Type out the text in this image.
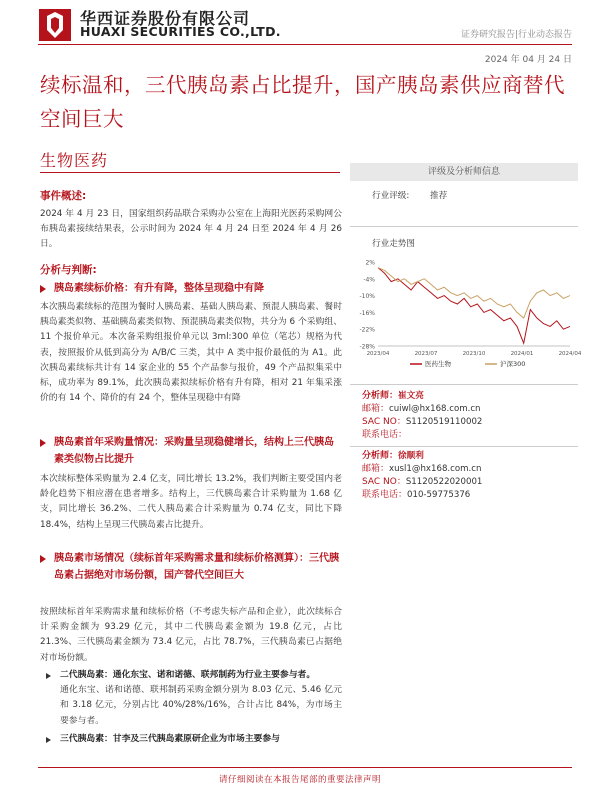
华西证券股份有限公司
HUAXI SECURITIES CO.,LTD.	证券研究报告|行业动态报告
2024 年 04 月 24 日
续标温和，三代胰岛素占比提升，国产胰岛素供应商替代空间巨大
生物医药
事件概述:
2024 年 4 月 23 日，国家组织药品联合采购办公室在上海阳光医药采购网公布胰岛素接续结果表，公示时间为 2024 年 4 月 24 日至 2024 年 4 月 26 日。
分析与判断:
胰岛素续标价格：有升有降，整体呈现稳中有降
本次胰岛素续标的范围为餐时人胰岛素、基础人胰岛素、预混人胰岛素、餐时胰岛素类似物、基础胰岛素类似物、预混胰岛素类似物，共分为 6 个采购组、11 个报价单元。本次备采购组报价单元以 3ml:300 单位（笔芯）规格为代表，按照报价从低到高分为 A/B/C 三类，其中 A 类中报价最低的为 A1。此次胰岛素续标共计有 14 家企业的 55 个产品参与报价，49 个产品拟集采中标，成功率为 89.1%，此次胰岛素拟续标价格有升有降，相对 21 年集采涨价的有 14 个、降价的有 24 个，整体呈现稳中有降
胰岛素首年采购量情况：采购量呈现稳健增长，结构上三代胰岛素类似物占比提升
本次续标整体采购量为 2.4 亿支，同比增长 13.2%，我们判断主要受国内老龄化趋势下相应潜在患者增多。结构上，三代胰岛素合计采购量为 1.68 亿支，同比增长 36.2%、二代人胰岛素合计采购量为 0.74 亿支，同比下降 18.4%，结构上呈现三代胰岛素占比提升。
胰岛素市场情况（续标首年采购需求量和续标价格测算）：三代胰岛素占据绝对市场份额，国产替代空间巨大
按照续标首年采购需求量和续标价格（不考虑失标产品和企业），此次续标合计采购金额为 93.29 亿元，其中二代胰岛素金额为 19.8 亿元，占比 21.3%、三代胰岛素金额为 73.4 亿元，占比 78.7%，三代胰岛素已占据绝对市场份额。
二代胰岛素：通化东宝、诺和诺德、联邦制药为行业主要参与者。
通化东宝、诺和诺德、联邦制药采购金额分别为 8.03 亿元、5.46 亿元和 3.18 亿元，分别占比 40%/28%/16%，合计占比 84%，为市场主要参与者。
三代胰岛素：甘李及三代胰岛素原研企业为市场主要参与
评级及分析师信息
行业评级:	推荐
行业走势图
2%
-4%
-10%
-16%
-22%
-28%
2023/04	2023/07	2023/10	2024/01	2024/04
医药生物	沪深300
分析师：崔文亮
邮箱：cuiwl@hx168.com.cn
SAC NO：S1120519110002
联系电话：
分析师：徐顺利
邮箱：xusl1@hx168.com.cn
SAC NO：S1120522020001
联系电话：010-59775376
请仔细阅读在本报告尾部的重要法律声明
